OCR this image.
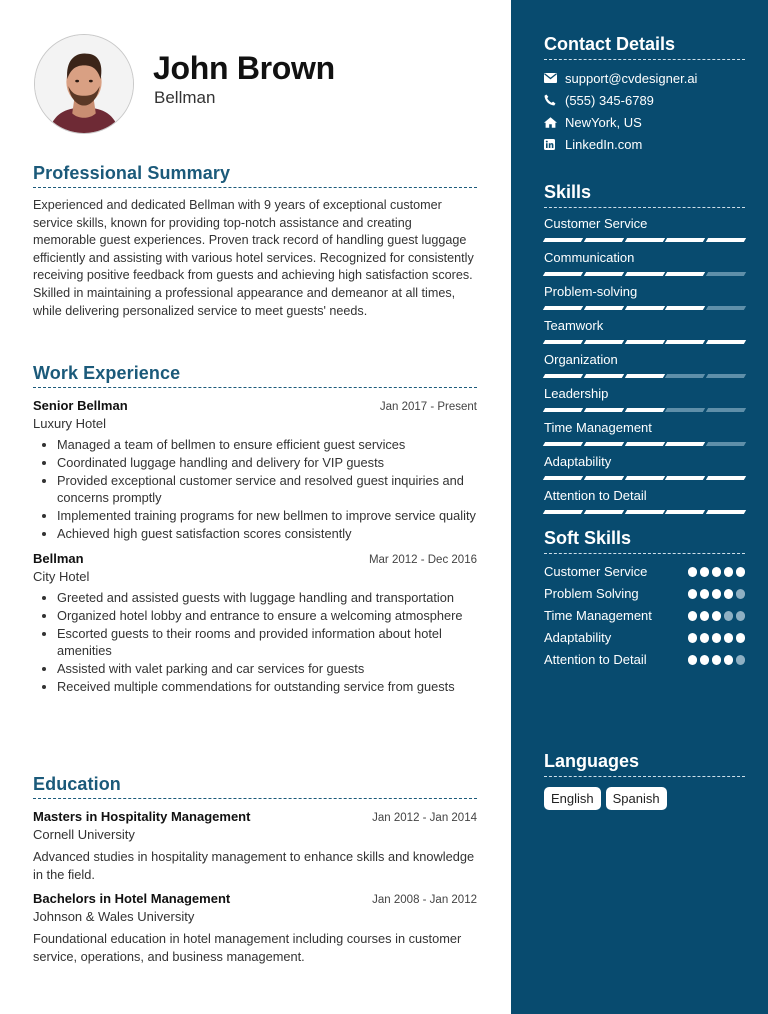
John Brown
Bellman
Professional Summary

Experienced and dedicated Bellman with 9 years of exceptional customer service skills, known for providing top-notch assistance and creating memorable guest experiences. Proven track record of handling guest luggage efficiently and assisting with various hotel services. Recognized for consistently receiving positive feedback from guests and achieving high satisfaction scores. Skilled in maintaining a professional appearance and demeanor at all times, while delivering personalized service to meet guests' needs.

Work Experience
Senior Bellman	Jan 2017 - Present
Luxury Hotel
• Managed a team of bellmen to ensure efficient guest services
• Coordinated luggage handling and delivery for VIP guests
• Provided exceptional customer service and resolved guest inquiries and concerns promptly
• Implemented training programs for new bellmen to improve service quality
• Achieved high guest satisfaction scores consistently
Bellman	Mar 2012 - Dec 2016
City Hotel
• Greeted and assisted guests with luggage handling and transportation
• Organized hotel lobby and entrance to ensure a welcoming atmosphere
• Escorted guests to their rooms and provided information about hotel amenities
• Assisted with valet parking and car services for guests
• Received multiple commendations for outstanding service from guests
Education
Masters in Hospitality Management	Jan 2012 - Jan 2014
Cornell University

Advanced studies in hospitality management to enhance skills and knowledge in the field.

Bachelors in Hotel Management	Jan 2008 - Jan 2012
Johnson & Wales University

Foundational education in hotel management including courses in customer service, operations, and business management.

Contact Details
support@cvdesigner.ai
(555) 345-6789
NewYork, US
LinkedIn.com
Skills
Customer Service
Communication
Problem-solving
Teamwork
Organization
Leadership
Time Management
Adaptability
Attention to Detail
Soft Skills
Customer Service
Problem Solving
Time Management
Adaptability
Attention to Detail
Languages
English	Spanish
